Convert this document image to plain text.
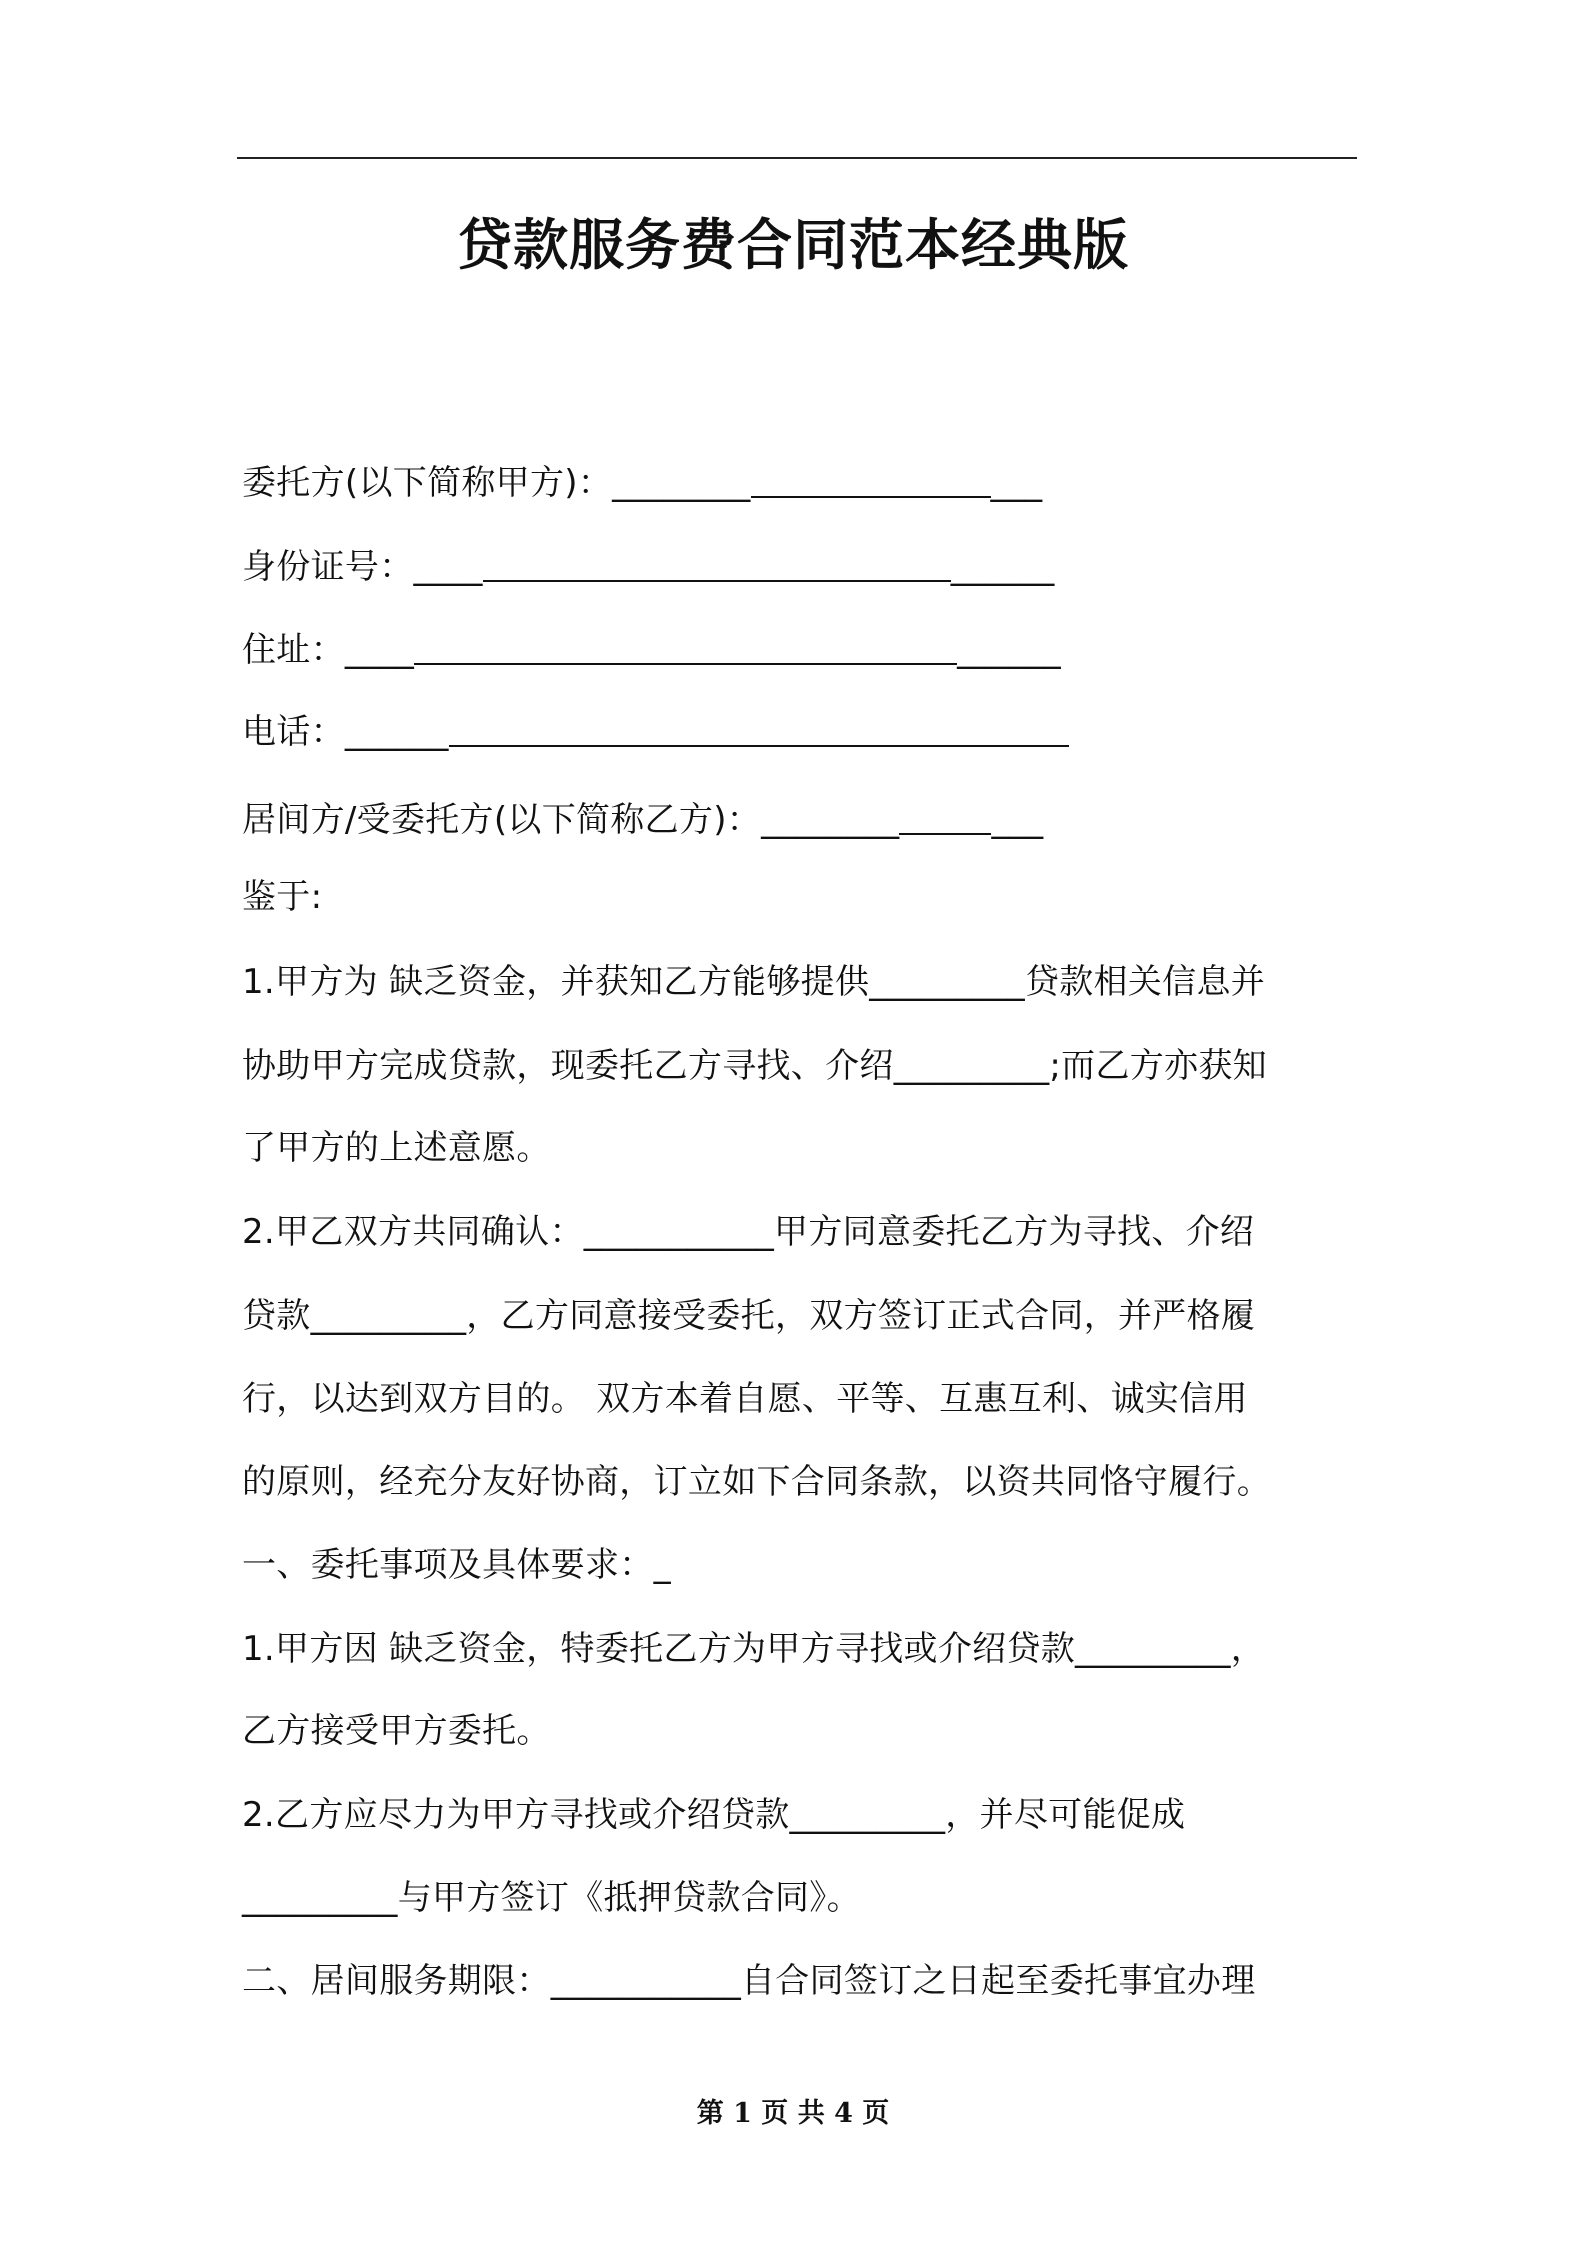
贷款服务费合同范本经典版
委托方(以下简称甲方)：________	___
身份证号：____	______
住址：____	______
电话：______
居间方/受委托方(以下简称乙方)：________	___
鉴于:
1.甲方为 缺乏资金，并获知乙方能够提供_________贷款相关信息并
协助甲方完成贷款，现委托乙方寻找、介绍_________;而乙方亦获知
了甲方的上述意愿。
2.甲乙双方共同确认：___________甲方同意委托乙方为寻找、介绍
贷款_________，乙方同意接受委托，双方签订正式合同，并严格履
行，以达到双方目的。 双方本着自愿、平等、互惠互利、诚实信用
的原则，经充分友好协商，订立如下合同条款，以资共同恪守履行。
一、委托事项及具体要求：_
1.甲方因 缺乏资金，特委托乙方为甲方寻找或介绍贷款_________，
乙方接受甲方委托。
2.乙方应尽力为甲方寻找或介绍贷款_________，并尽可能促成
_________与甲方签订《抵押贷款合同》。
二、居间服务期限：___________自合同签订之日起至委托事宜办理
第 1 页 共 4 页
